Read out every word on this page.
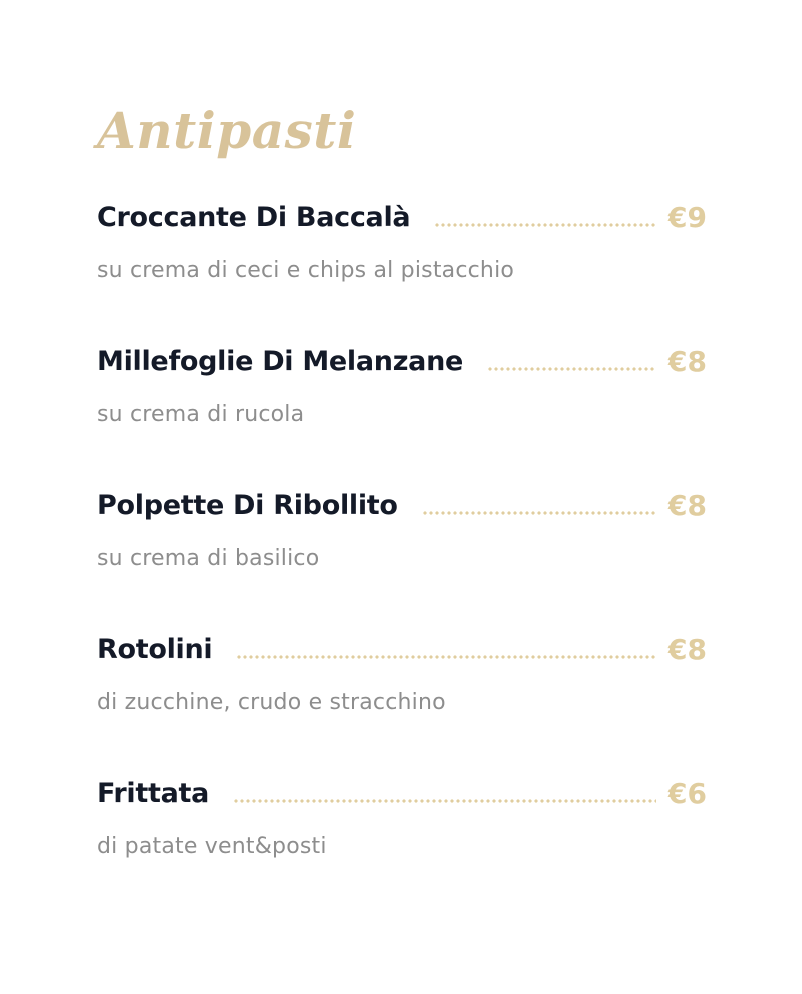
Antipasti
Croccante Di Baccalà	€9
su crema di ceci e chips al pistacchio
Millefoglie Di Melanzane	€8
su crema di rucola
Polpette Di Ribollito	€8
su crema di basilico
Rotolini	€8
di zucchine, crudo e stracchino
Frittata	€6
di patate vent&posti
